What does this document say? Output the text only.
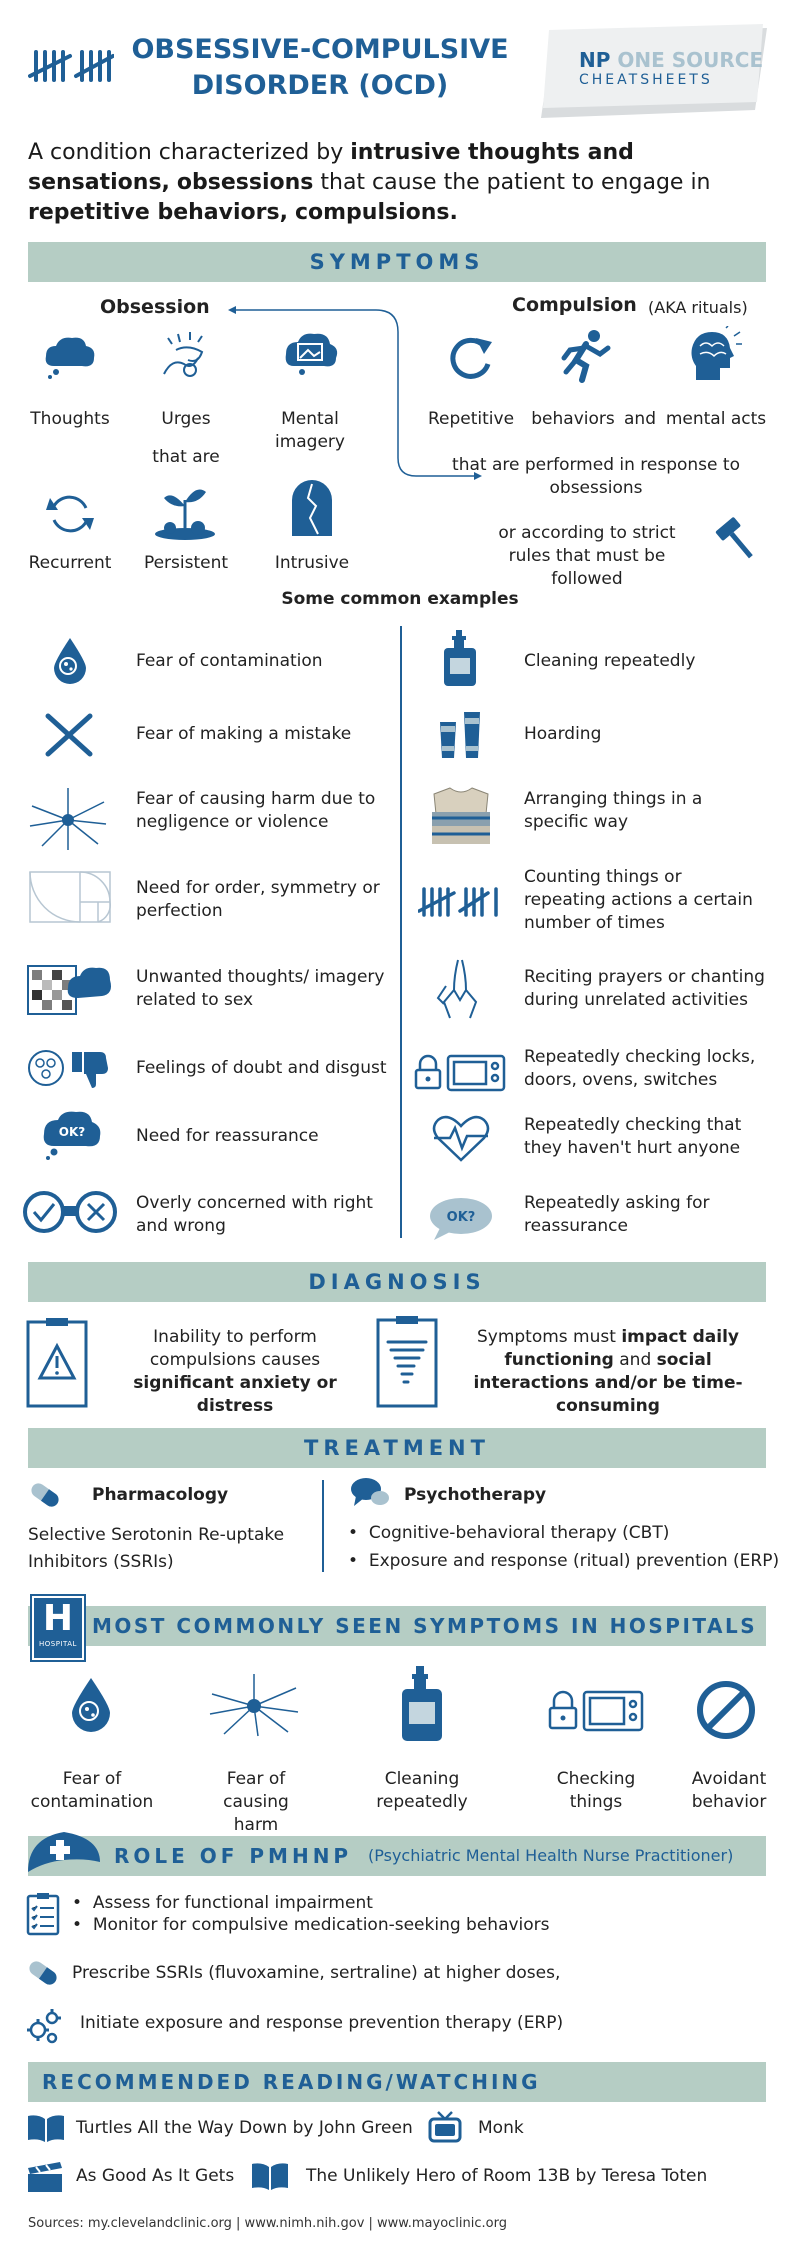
OBSESSIVE-COMPULSIVE
DISORDER (OCD)
NP ONE SOURCE
CHEATSHEETS
A condition characterized by intrusive thoughts and sensations, obsessions that cause the patient to engage in repetitive behaviors, compulsions.
SYMPTOMS
Obsession	Compulsion (AKA rituals)
Thoughts	Urges	Mental imagery
that are
Recurrent	Persistent	Intrusive
Repetitive	behaviors and mental acts
that are performed in response to obsessions
or according to strict rules that must be followed
Some common examples
Fear of contamination
Fear of making a mistake
Fear of causing harm due to negligence or violence
Need for order, symmetry or perfection
Unwanted thoughts/ imagery related to sex
Feelings of doubt and disgust
OK?	Need for reassurance
Overly concerned with right and wrong
Cleaning repeatedly
Hoarding
Arranging things in a specific way
Counting things or repeating actions a certain number of times
Reciting prayers or chanting during unrelated activities
Repeatedly checking locks, doors, ovens, switches
Repeatedly checking that they haven't hurt anyone
OK?
Repeatedly asking for reassurance
DIAGNOSIS
Inability to perform compulsions causes
significant anxiety or distress
Symptoms must impact daily functioning and social interactions and/or be time-consuming
TREATMENT
Pharmacology
Selective Serotonin Re-uptake Inhibitors (SSRIs)
Psychotherapy
•  Cognitive-behavioral therapy (CBT)
•  Exposure and response (ritual) prevention (ERP)
MOST COMMONLY SEEN SYMPTOMS IN HOSPITALS
H
HOSPITAL
Fear of contamination
Fear of causing harm
Cleaning repeatedly
Checking things
Avoidant behavior
ROLE OF PMHNP (Psychiatric Mental Health Nurse Practitioner)
•  Assess for functional impairment
•  Monitor for compulsive medication-seeking behaviors
Prescribe SSRIs (fluvoxamine, sertraline) at higher doses,
Initiate exposure and response prevention therapy (ERP)
RECOMMENDED READING/WATCHING
Turtles All the Way Down by John Green	Monk
As Good As It Gets	The Unlikely Hero of Room 13B by Teresa Toten
Sources: my.clevelandclinic.org | www.nimh.nih.gov | www.mayoclinic.org
